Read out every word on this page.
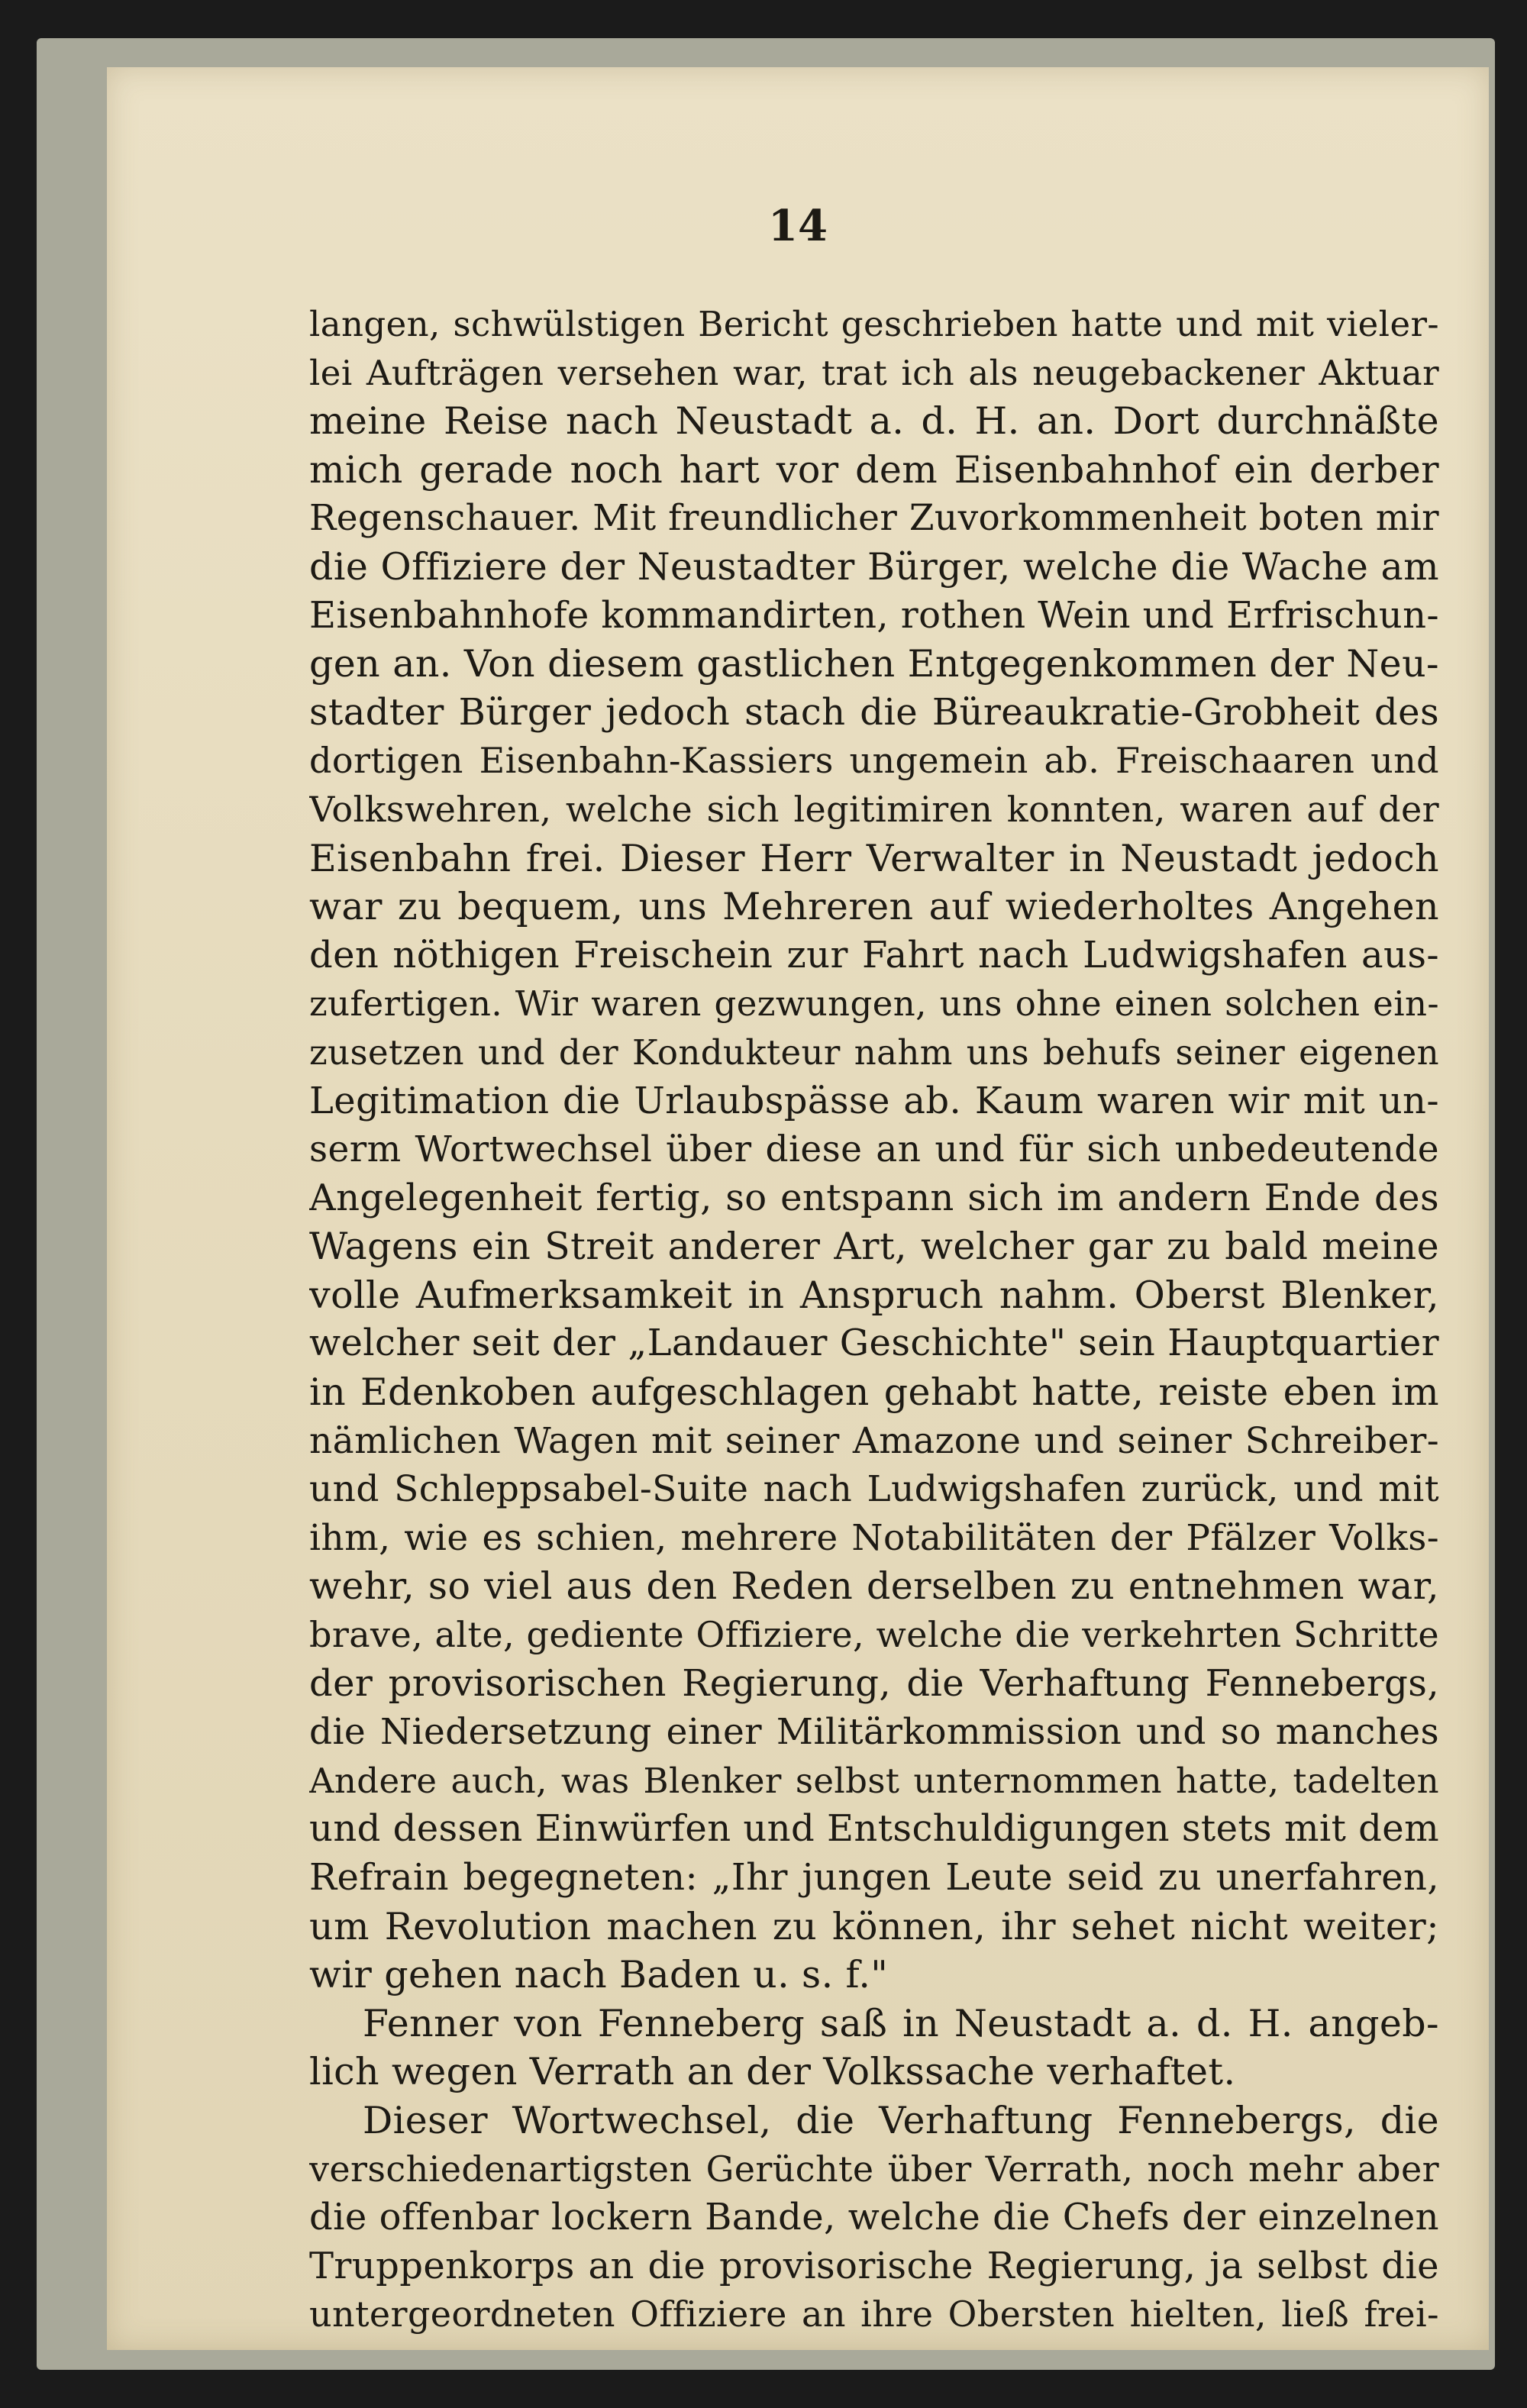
14
langen, schwülstigen Bericht geschrieben hatte und mit vieler-
lei Aufträgen versehen war, trat ich als neugebackener Aktuar
meine Reise nach Neustadt a. d. H. an. Dort durchnäßte
mich gerade noch hart vor dem Eisenbahnhof ein derber
Regenschauer. Mit freundlicher Zuvorkommenheit boten mir
die Offiziere der Neustadter Bürger, welche die Wache am
Eisenbahnhofe kommandirten, rothen Wein und Erfrischun-
gen an. Von diesem gastlichen Entgegenkommen der Neu-
stadter Bürger jedoch stach die Büreaukratie-Grobheit des
dortigen Eisenbahn-Kassiers ungemein ab. Freischaaren und
Volkswehren, welche sich legitimiren konnten, waren auf der
Eisenbahn frei. Dieser Herr Verwalter in Neustadt jedoch
war zu bequem, uns Mehreren auf wiederholtes Angehen
den nöthigen Freischein zur Fahrt nach Ludwigshafen aus-
zufertigen. Wir waren gezwungen, uns ohne einen solchen ein-
zusetzen und der Kondukteur nahm uns behufs seiner eigenen
Legitimation die Urlaubspässe ab. Kaum waren wir mit un-
serm Wortwechsel über diese an und für sich unbedeutende
Angelegenheit fertig, so entspann sich im andern Ende des
Wagens ein Streit anderer Art, welcher gar zu bald meine
volle Aufmerksamkeit in Anspruch nahm. Oberst Blenker,
welcher seit der „Landauer Geschichte" sein Hauptquartier
in Edenkoben aufgeschlagen gehabt hatte, reiste eben im
nämlichen Wagen mit seiner Amazone und seiner Schreiber-
und Schleppsabel-Suite nach Ludwigshafen zurück, und mit
ihm, wie es schien, mehrere Notabilitäten der Pfälzer Volks-
wehr, so viel aus den Reden derselben zu entnehmen war,
brave, alte, gediente Offiziere, welche die verkehrten Schritte
der provisorischen Regierung, die Verhaftung Fennebergs,
die Niedersetzung einer Militärkommission und so manches
Andere auch, was Blenker selbst unternommen hatte, tadelten
und dessen Einwürfen und Entschuldigungen stets mit dem
Refrain begegneten: „Ihr jungen Leute seid zu unerfahren,
um Revolution machen zu können, ihr sehet nicht weiter;
wir gehen nach Baden u. s. f."
Fenner von Fenneberg saß in Neustadt a. d. H. angeb-
lich wegen Verrath an der Volkssache verhaftet.
Dieser Wortwechsel, die Verhaftung Fennebergs, die
verschiedenartigsten Gerüchte über Verrath, noch mehr aber
die offenbar lockern Bande, welche die Chefs der einzelnen
Truppenkorps an die provisorische Regierung, ja selbst die
untergeordneten Offiziere an ihre Obersten hielten, ließ frei-
